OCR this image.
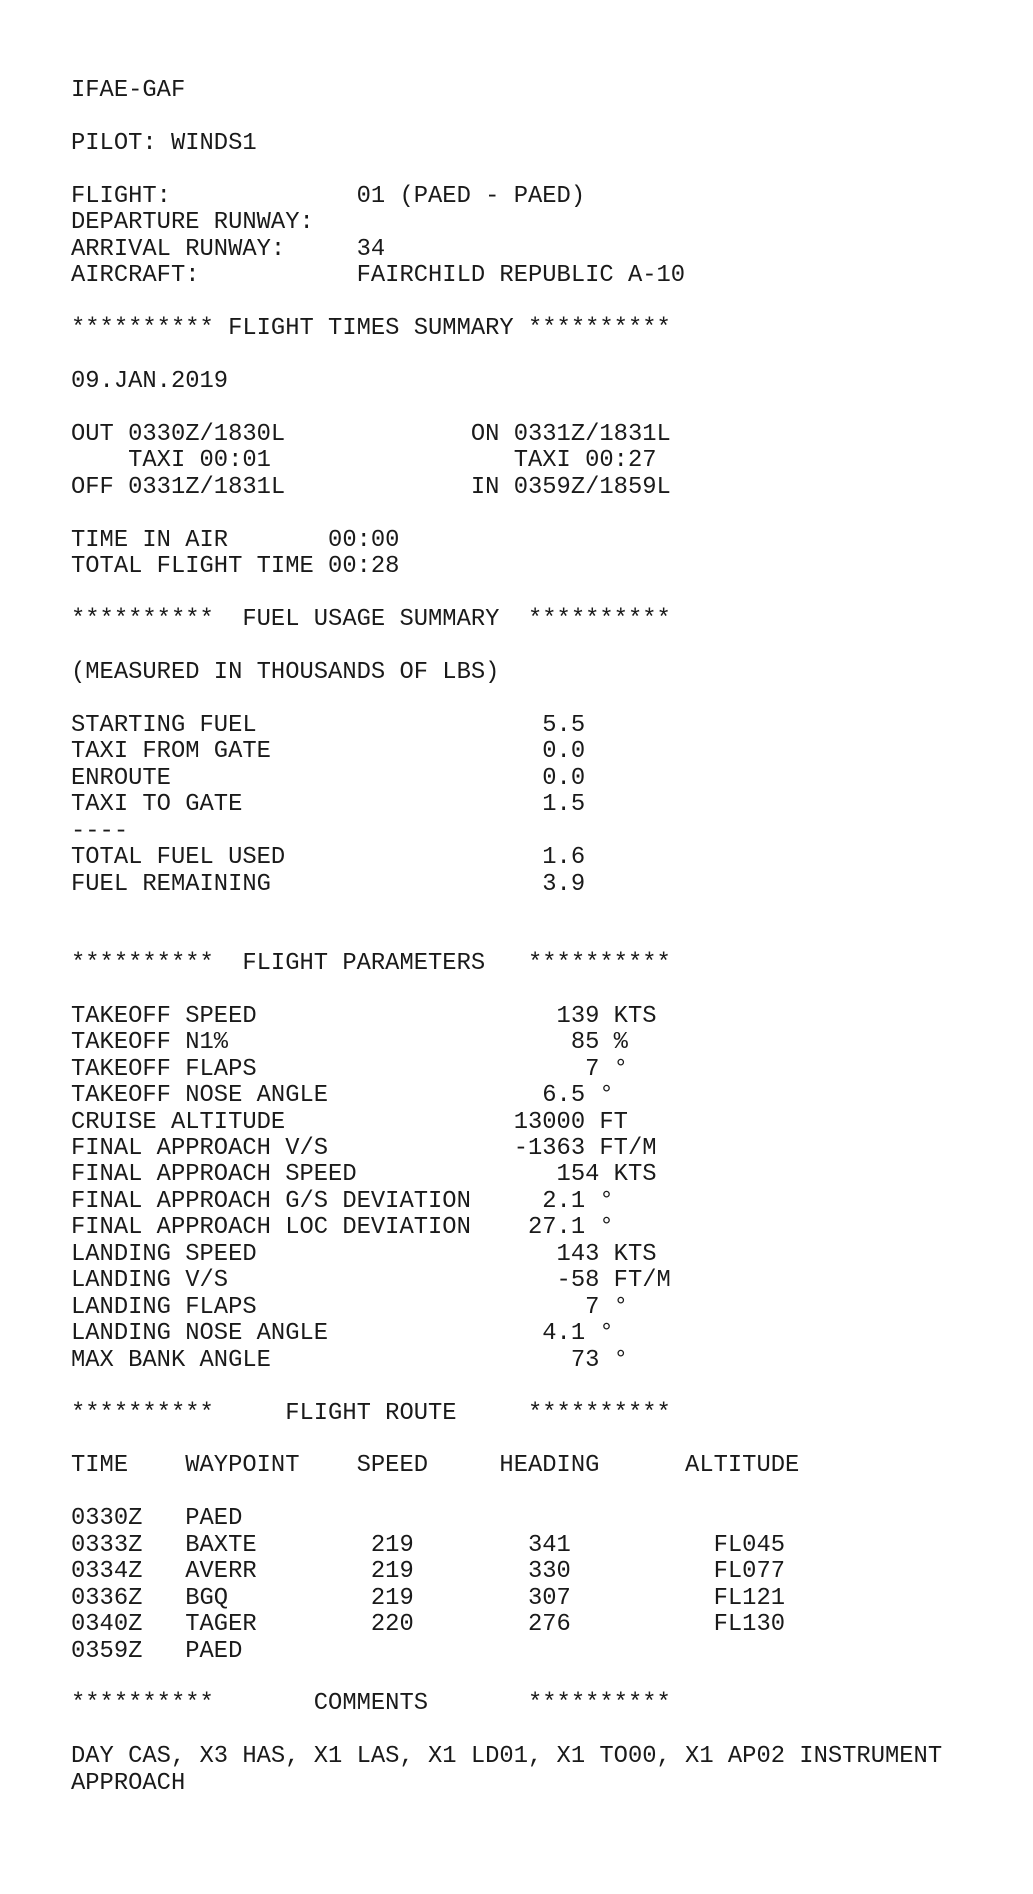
IFAE-GAF
PILOT: WINDS1
FLIGHT:             01 (PAED - PAED)
DEPARTURE RUNWAY:
ARRIVAL RUNWAY:     34
AIRCRAFT:           FAIRCHILD REPUBLIC A-10
********** FLIGHT TIMES SUMMARY **********
09.JAN.2019
OUT 0330Z/1830L             ON 0331Z/1831L
TAXI 00:01                 TAXI 00:27
OFF 0331Z/1831L             IN 0359Z/1859L
TIME IN AIR       00:00
TOTAL FLIGHT TIME 00:28
**********  FUEL USAGE SUMMARY  **********
(MEASURED IN THOUSANDS OF LBS)
STARTING FUEL                    5.5
TAXI FROM GATE                   0.0
ENROUTE                          0.0
TAXI TO GATE                     1.5
----
TOTAL FUEL USED                  1.6
FUEL REMAINING                   3.9
**********  FLIGHT PARAMETERS   **********
TAKEOFF SPEED                     139 KTS
TAKEOFF N1%                        85 %
TAKEOFF FLAPS                       7 °
TAKEOFF NOSE ANGLE               6.5 °
CRUISE ALTITUDE                13000 FT
FINAL APPROACH V/S             -1363 FT/M
FINAL APPROACH SPEED              154 KTS
FINAL APPROACH G/S DEVIATION     2.1 °
FINAL APPROACH LOC DEVIATION    27.1 °
LANDING SPEED                     143 KTS
LANDING V/S                       -58 FT/M
LANDING FLAPS                       7 °
LANDING NOSE ANGLE               4.1 °
MAX BANK ANGLE                     73 °
**********     FLIGHT ROUTE     **********
TIME    WAYPOINT    SPEED     HEADING      ALTITUDE
0330Z   PAED
0333Z   BAXTE        219        341          FL045
0334Z   AVERR        219        330          FL077
0336Z   BGQ          219        307          FL121
0340Z   TAGER        220        276          FL130
0359Z   PAED
**********       COMMENTS       **********
DAY CAS, X3 HAS, X1 LAS, X1 LD01, X1 TO00, X1 AP02 INSTRUMENT
APPROACH
